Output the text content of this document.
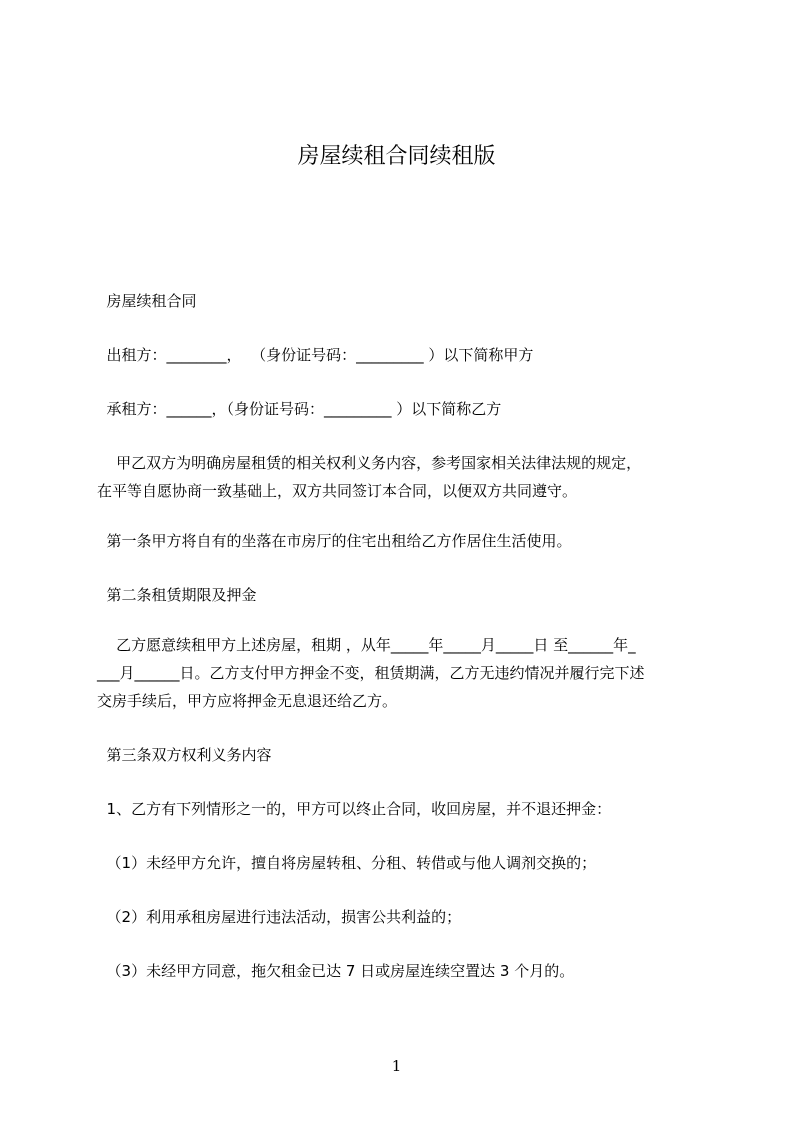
房屋续租合同续租版
房屋续租合同
出租方：________，  （身份证号码：_________ ）以下简称甲方
承租方：______，（身份证号码：_________ ）以下简称乙方
甲乙双方为明确房屋租赁的相关权利义务内容，参考国家相关法律法规的规定，
在平等自愿协商一致基础上，双方共同签订本合同，以便双方共同遵守。
第一条甲方将自有的坐落在市房厅的住宅出租给乙方作居住生活使用。
第二条租赁期限及押金
乙方愿意续租甲方上述房屋，租期 ，从年_____年_____月_____日 至______年_
___月______日。乙方支付甲方押金不变，租赁期满，乙方无违约情况并履行完下述
交房手续后，甲方应将押金无息退还给乙方。
第三条双方权利义务内容
1、乙方有下列情形之一的，甲方可以终止合同，收回房屋，并不退还押金：
（1）未经甲方允许，擅自将房屋转租、分租、转借或与他人调剂交换的；
（2）利用承租房屋进行违法活动，损害公共利益的；
（3）未经甲方同意，拖欠租金已达 7 日或房屋连续空置达 3 个月的。
1
